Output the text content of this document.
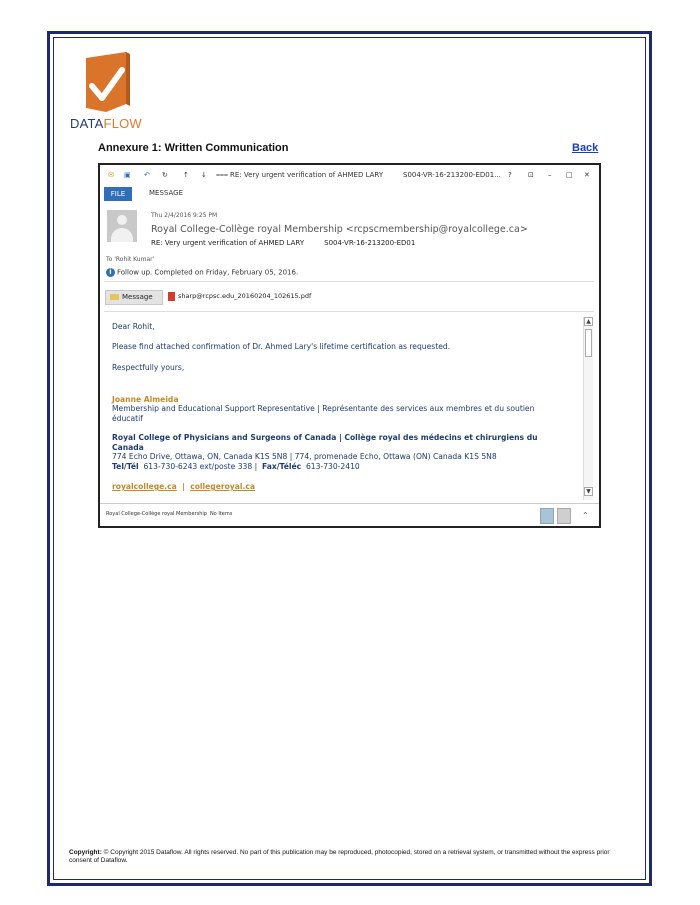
DATAFLOW
Annexure 1: Written Communication	Back
✉ ▣ ↶ ↻ ↑ ↓ ⩶ RE: Very urgent verification of AHMED LARY	S004-VR-16-213200-ED01... ? ⊡ – □ ✕
FILE	MESSAGE
Thu 2/4/2016 9:25 PM
Royal College-Collège royal Membership <rcpscmembership@royalcollege.ca>
RE: Very urgent verification of AHMED LARY	S004-VR-16-213200-ED01
To 'Rohit Kumar'
i Follow up. Completed on Friday, February 05, 2016.
Message	sharp@rcpsc.edu_20160204_102615.pdf

Dear Rohit,

Please find attached confirmation of Dr. Ahmed Lary's lifetime certification as requested.

Respectfully yours,

Joanne Almeida

Membership and Educational Support Representative | Représentante des services aux membres et du soutien éducatif

Royal College of Physicians and Surgeons of Canada | Collège royal des médecins et chirurgiens du Canada

774 Echo Drive, Ottawa, ON, Canada K1S 5N8 | 774, promenade Echo, Ottawa (ON) Canada K1S 5N8

Tel/Tél 613-730-6243 ext/poste 338 | Fax/Téléc 613-730-2410

royalcollege.ca | collegeroyal.ca

▲
▼
Royal College-Collège royal Membership No Items	⌃
Copyright: © Copyright 2015 Dataflow. All rights reserved. No part of this publication may be reproduced, photocopied, stored on a retrieval system, or transmitted without the express prior consent of Dataflow.
